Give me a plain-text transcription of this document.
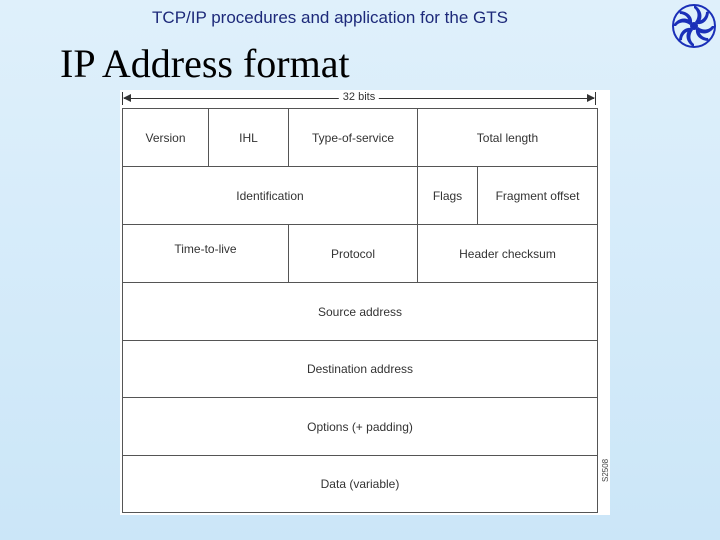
TCP/IP procedures and application for the GTS
IP Address format
32 bits
Version	IHL	Type-of-service	Total length
Identification	Flags	Fragment offset
Time-to-live	Protocol	Header checksum
Source address
Destination address
Options (+ padding)
Data (variable)
S2508
